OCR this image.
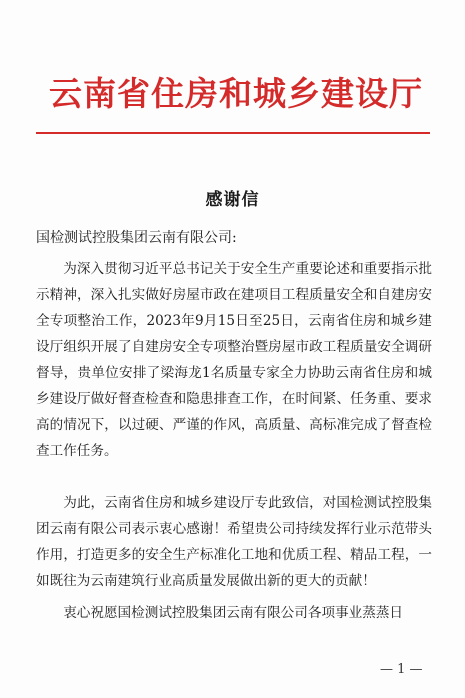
云南省住房和城乡建设厅
感谢信
国检测试控股集团云南有限公司:

为深入贯彻习近平总书记关于安全生产重要论述和重要指示批示精神，深入扎实做好房屋市政在建项目工程质量安全和自建房安全专项整治工作，2023年9月15日至25日，云南省住房和城乡建设厅组织开展了自建房安全专项整治暨房屋市政工程质量安全调研督导，贵单位安排了梁海龙1名质量专家全力协助云南省住房和城乡建设厅做好督查检查和隐患排查工作，在时间紧、任务重、要求高的情况下，以过硬、严谨的作风，高质量、高标准完成了督查检查工作任务。

为此，云南省住房和城乡建设厅专此致信，对国检测试控股集团云南有限公司表示衷心感谢！希望贵公司持续发挥行业示范带头作用，打造更多的安全生产标准化工地和优质工程、精品工程，一如既往为云南建筑行业高质量发展做出新的更大的贡献！

衷心祝愿国检测试控股集团云南有限公司各项事业蒸蒸日

— 1 —
